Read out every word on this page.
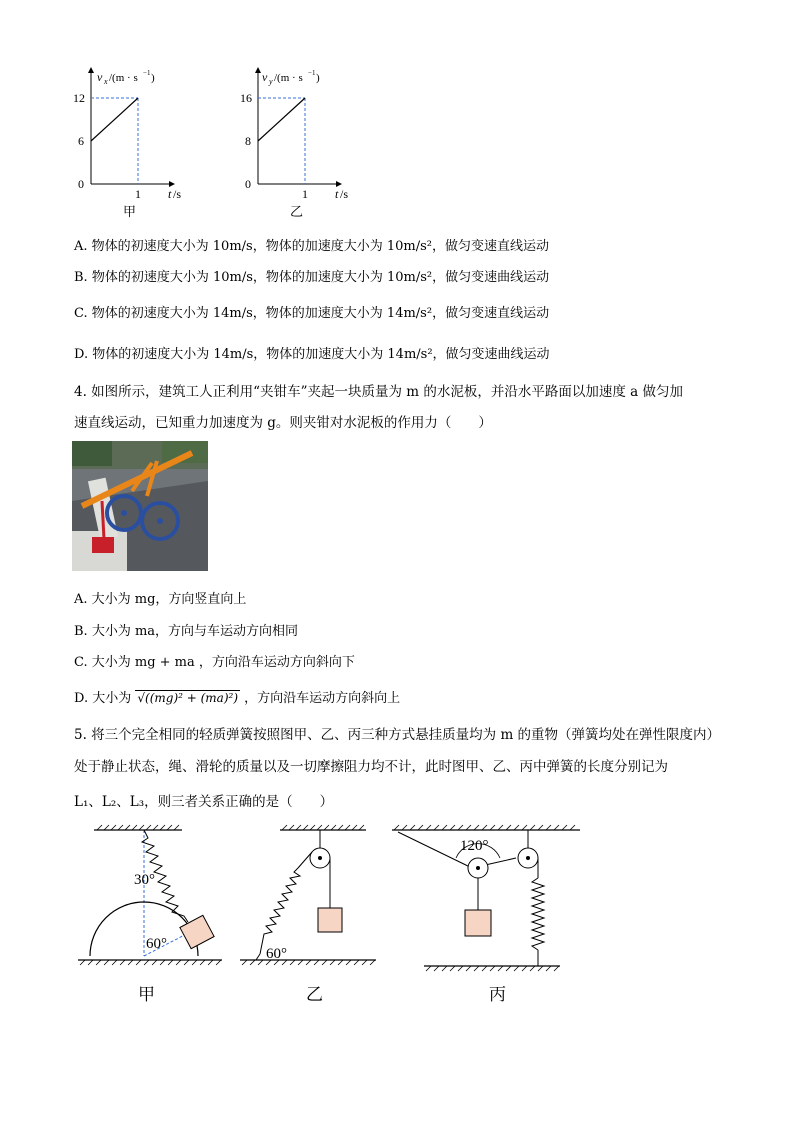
v x /(m · s −1 )
12
6
0
1 t /s
甲
v y /(m · s −1 )
16
8
0
1 t /s
乙
A. 物体的初速度大小为 10m/s，物体的加速度大小为 10m/s²，做匀变速直线运动
B. 物体的初速度大小为 10m/s，物体的加速度大小为 10m/s²，做匀变速曲线运动
C. 物体的初速度大小为 14m/s，物体的加速度大小为 14m/s²，做匀变速直线运动
D. 物体的初速度大小为 14m/s，物体的加速度大小为 14m/s²，做匀变速曲线运动
4. 如图所示，建筑工人正利用“夹钳车”夹起一块质量为 m 的水泥板，并沿水平路面以加速度 a 做匀加
速直线运动，已知重力加速度为 g。则夹钳对水泥板的作用力（　　）
A. 大小为 mg，方向竖直向上
B. 大小为 ma，方向与车运动方向相同
C. 大小为 mg + ma ，方向沿车运动方向斜向下
D. 大小为 √((mg)² + (ma)²) ，方向沿车运动方向斜向上
5. 将三个完全相同的轻质弹簧按照图甲、乙、丙三种方式悬挂质量均为 m 的重物（弹簧均处在弹性限度内）
处于静止状态，绳、滑轮的质量以及一切摩擦阻力均不计，此时图甲、乙、丙中弹簧的长度分别记为
L₁、L₂、L₃，则三者关系正确的是（　　）
30°
60°
甲
60°
乙
120°
丙
